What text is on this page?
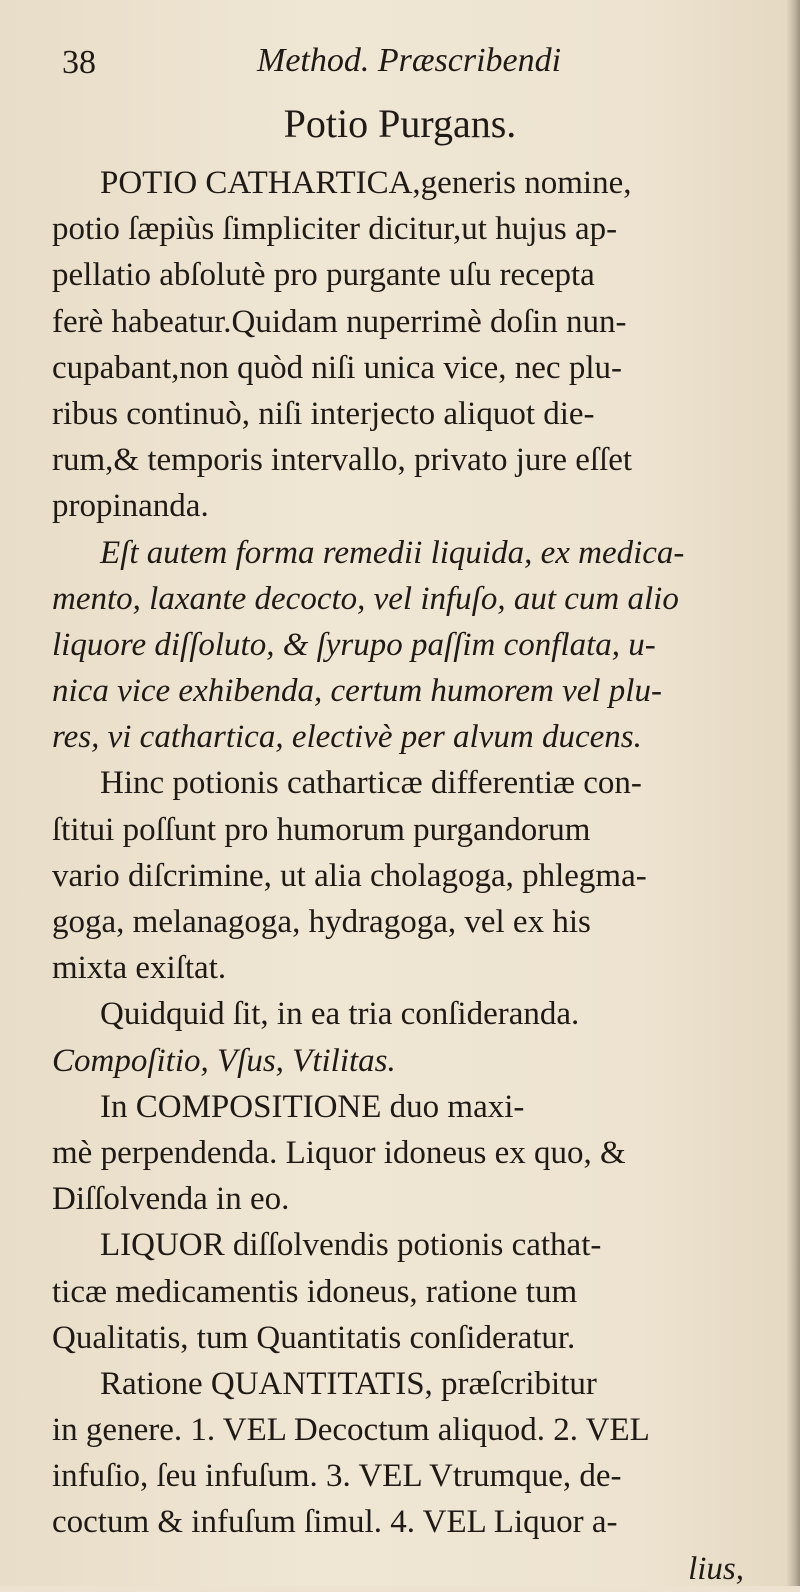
38	Method. Præscribendi
Potio Purgans.
POTIO CATHARTICA,generis nomine,
potio ſæpiùs ſimpliciter dicitur,ut hujus ap-
pellatio abſolutè pro purgante uſu recepta
ferè habeatur.Quidam nuperrimè doſin nun-
cupabant,non quòd niſi unica vice, nec plu-
ribus continuò, niſi interjecto aliquot die-
rum,& temporis intervallo, privato jure eſſet
propinanda.
Eſt autem forma remedii liquida, ex medica-
mento, laxante decocto, vel infuſo, aut cum alio
liquore diſſoluto, & ſyrupo paſſim conflata, u-
nica vice exhibenda, certum humorem vel plu-
res, vi cathartica, electivè per alvum ducens.
Hinc potionis catharticæ differentiæ con-
ſtitui poſſunt pro humorum purgandorum
vario diſcrimine, ut alia cholagoga, phlegma-
goga, melanagoga, hydragoga, vel ex his
mixta exiſtat.
Quidquid ſit, in ea tria conſideranda.
Compoſitio, Vſus, Vtilitas.
In COMPOSITIONE duo maxi-
mè perpendenda. Liquor idoneus ex quo, &
Diſſolvenda in eo.
LIQUOR diſſolvendis potionis cathat-
ticæ medicamentis idoneus, ratione tum
Qualitatis, tum Quantitatis conſideratur.
Ratione QUANTITATIS, præſcribitur
in genere. 1. VEL Decoctum aliquod. 2. VEL
infuſio, ſeu infuſum. 3. VEL Vtrumque, de-
coctum & infuſum ſimul. 4. VEL Liquor a-
lius,
